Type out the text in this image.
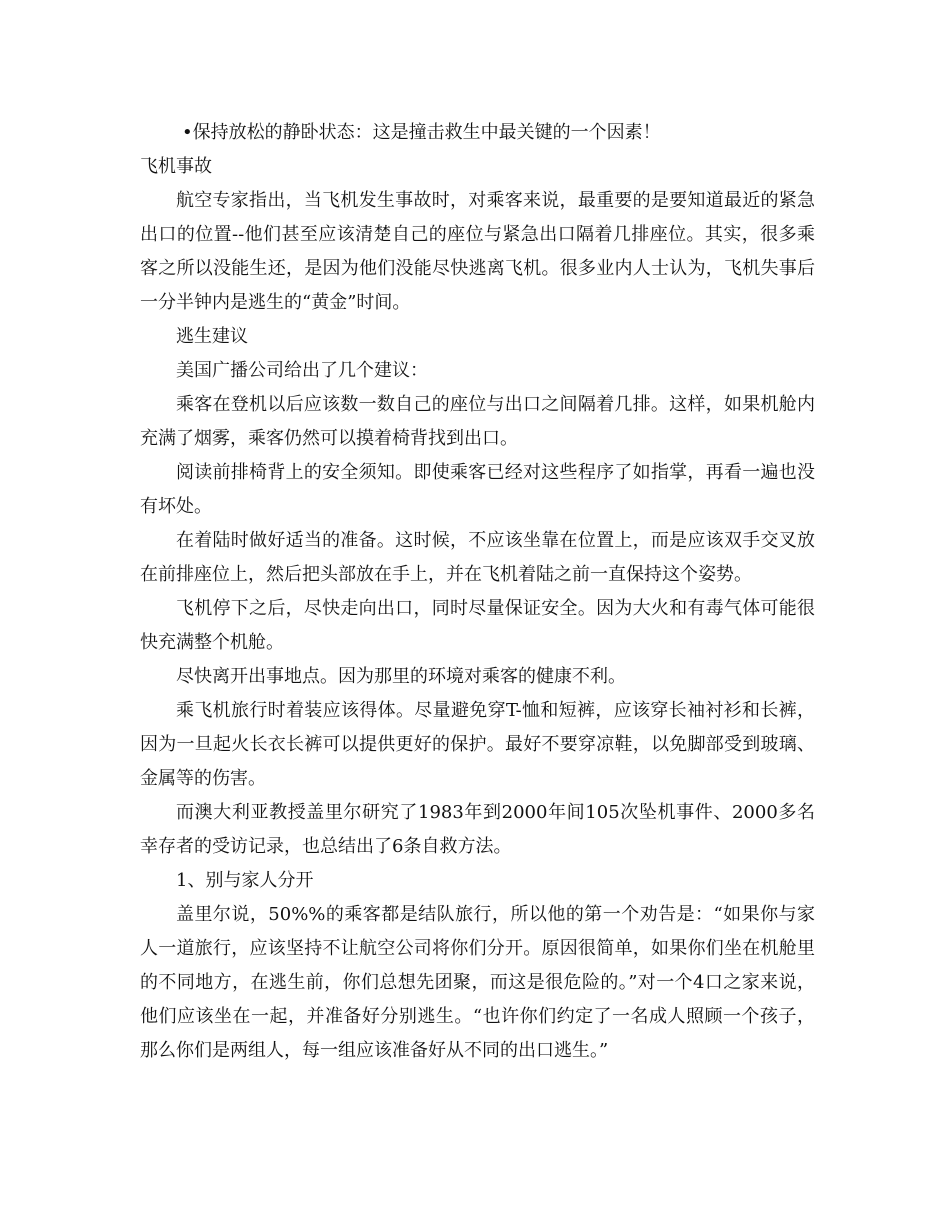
•保持放松的静卧状态：这是撞击救生中最关键的一个因素！

飞机事故

航空专家指出，当飞机发生事故时，对乘客来说，最重要的是要知道最近的紧急出口的位置--他们甚至应该清楚自己的座位与紧急出口隔着几排座位。其实，很多乘客之所以没能生还，是因为他们没能尽快逃离飞机。很多业内人士认为，飞机失事后一分半钟内是逃生的“黄金”时间。

逃生建议

美国广播公司给出了几个建议：

乘客在登机以后应该数一数自己的座位与出口之间隔着几排。这样，如果机舱内充满了烟雾，乘客仍然可以摸着椅背找到出口。

阅读前排椅背上的安全须知。即使乘客已经对这些程序了如指掌，再看一遍也没有坏处。

在着陆时做好适当的准备。这时候，不应该坐靠在位置上，而是应该双手交叉放在前排座位上，然后把头部放在手上，并在飞机着陆之前一直保持这个姿势。

飞机停下之后，尽快走向出口，同时尽量保证安全。因为大火和有毒气体可能很快充满整个机舱。

尽快离开出事地点。因为那里的环境对乘客的健康不利。

乘飞机旅行时着装应该得体。尽量避免穿T-恤和短裤，应该穿长袖衬衫和长裤，因为一旦起火长衣长裤可以提供更好的保护。最好不要穿凉鞋，以免脚部受到玻璃、金属等的伤害。

而澳大利亚教授盖里尔研究了1983年到2000年间105次坠机事件、2000多名幸存者的受访记录，也总结出了6条自救方法。

1、别与家人分开

盖里尔说，50%%的乘客都是结队旅行，所以他的第一个劝告是：“如果你与家人一道旅行，应该坚持不让航空公司将你们分开。原因很简单，如果你们坐在机舱里的不同地方，在逃生前，你们总想先团聚，而这是很危险的。”对一个4口之家来说，他们应该坐在一起，并准备好分别逃生。“也许你们约定了一名成人照顾一个孩子，那么你们是两组人，每一组应该准备好从不同的出口逃生。”
